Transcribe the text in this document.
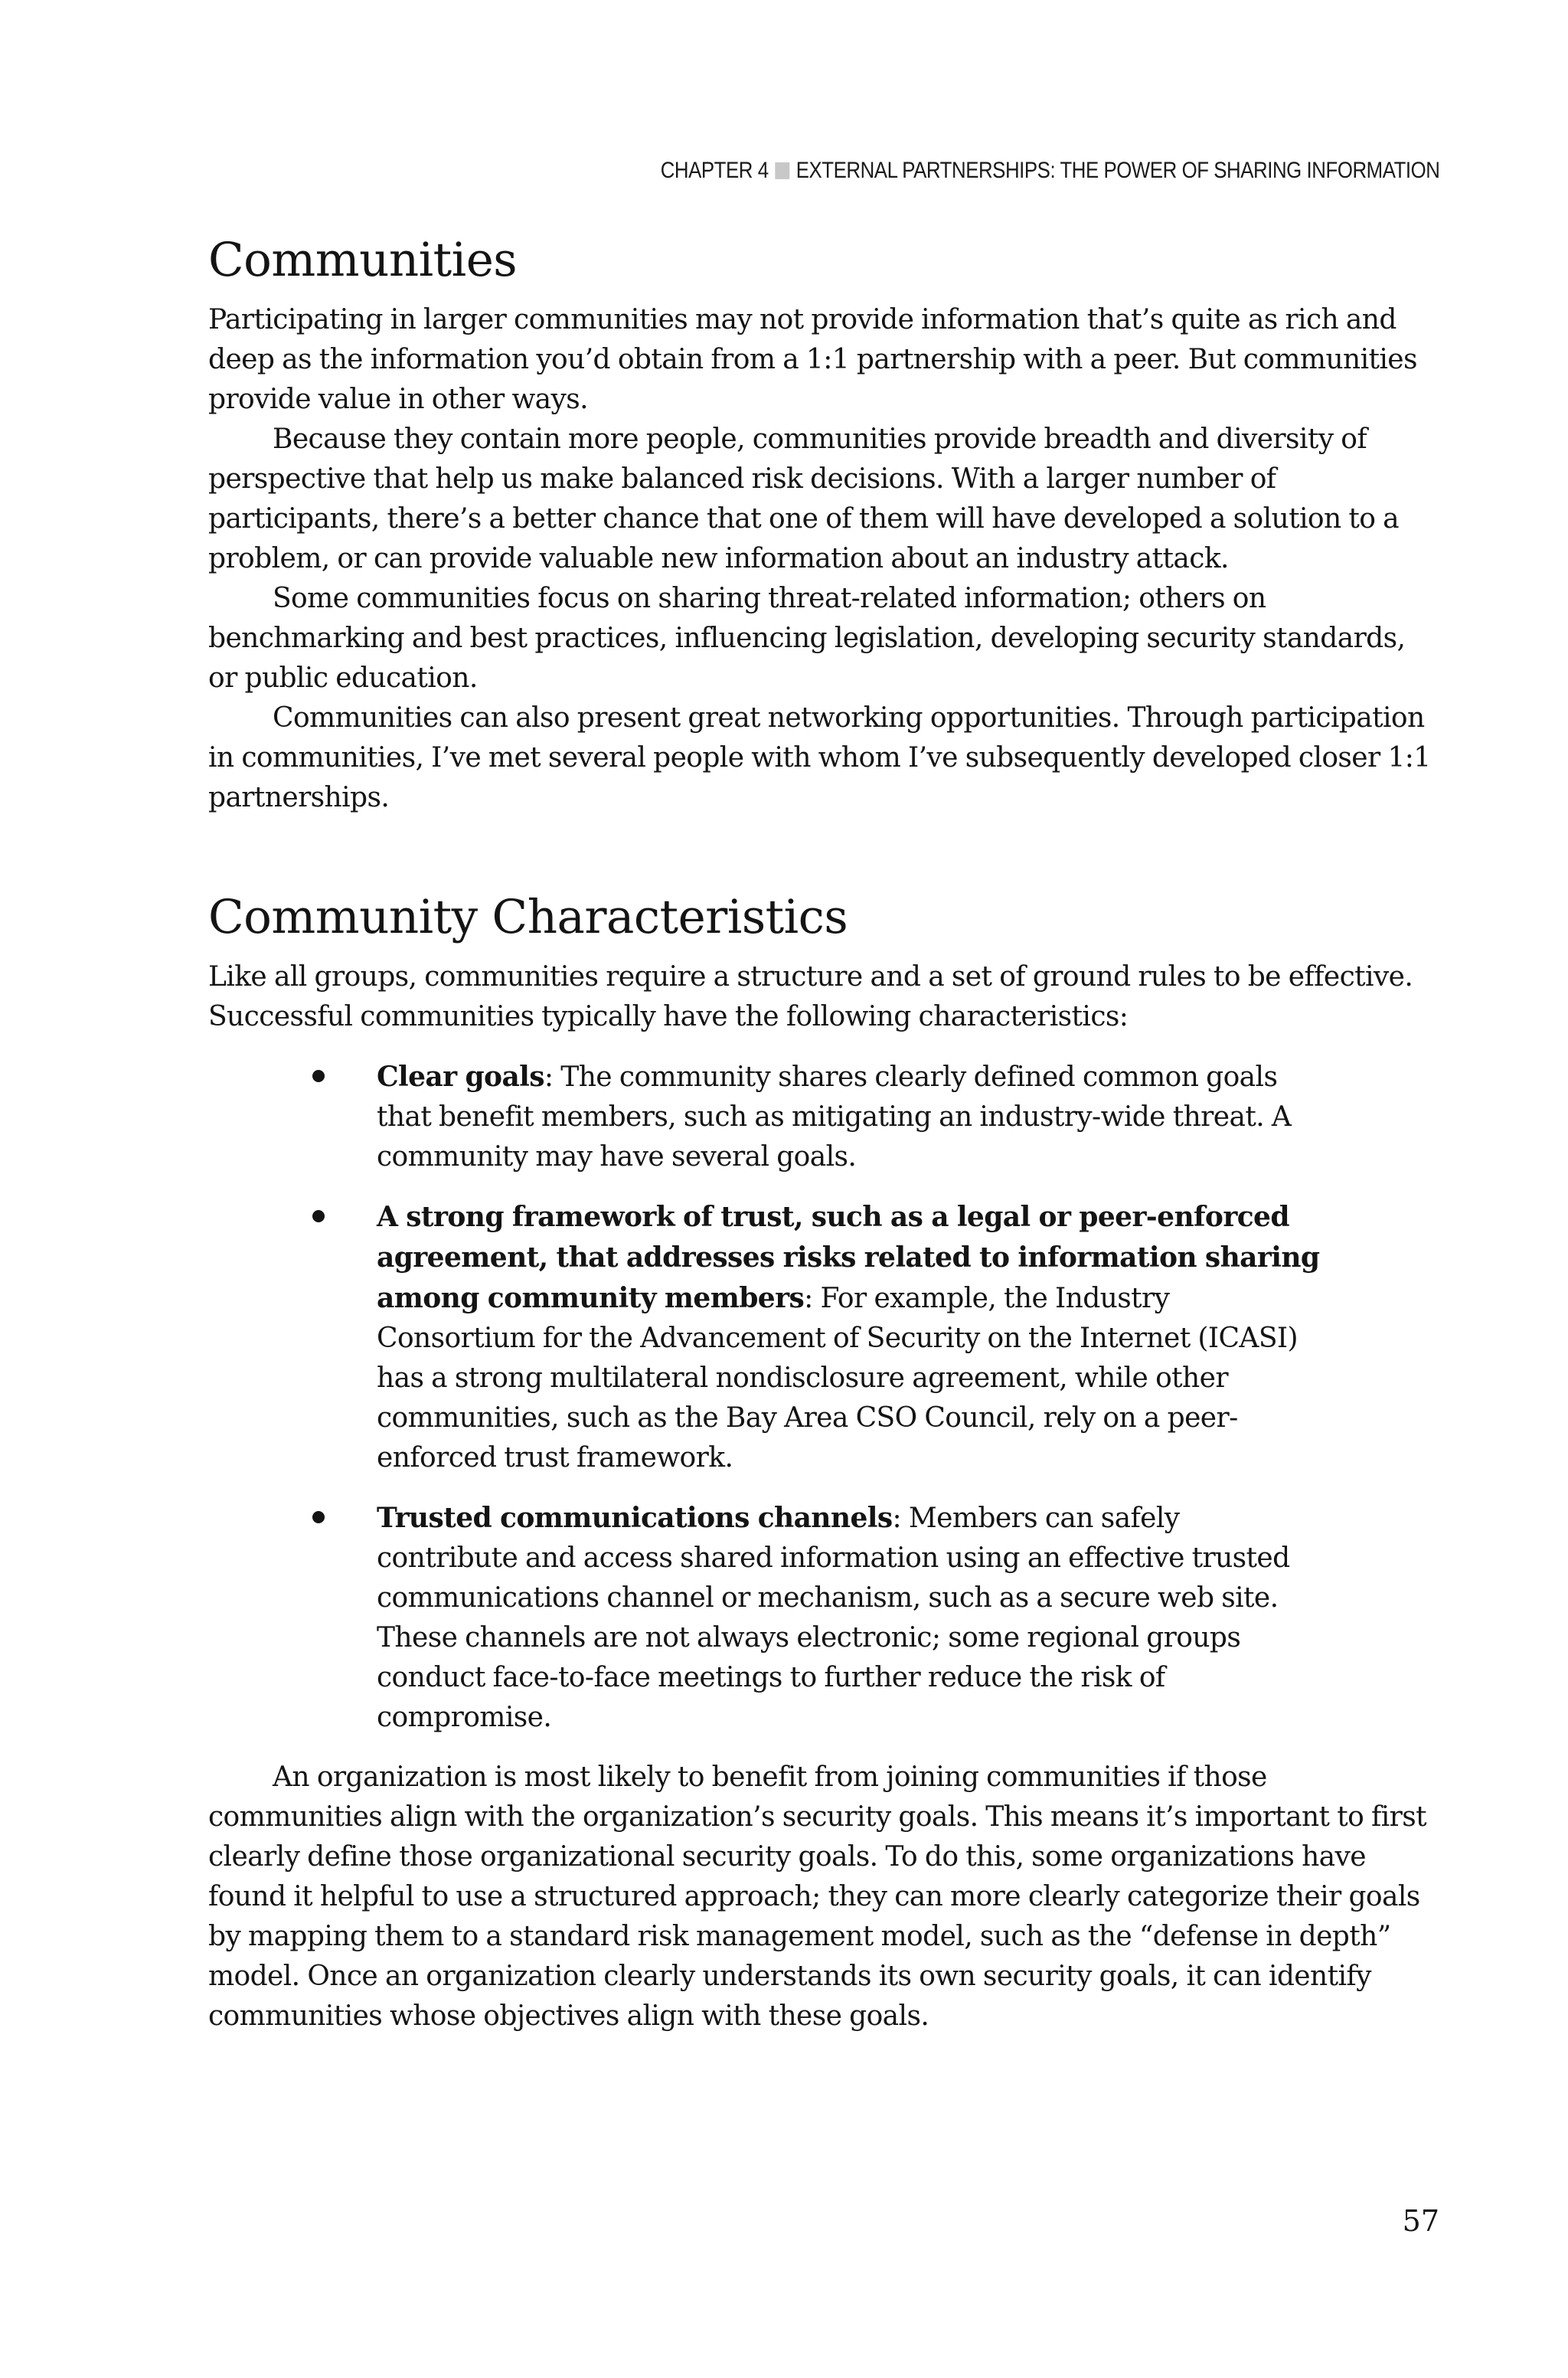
CHAPTER 4 EXTERNAL PARTNERSHIPS: THE POWER OF SHARING INFORMATION
Communities

Participating in larger communities may not provide information that’s quite as rich and deep as the information you’d obtain from a 1:1 partnership with a peer. But communities provide value in other ways.

Because they contain more people, communities provide breadth and diversity of perspective that help us make balanced risk decisions. With a larger number of participants, there’s a better chance that one of them will have developed a solution to a problem, or can provide valuable new information about an industry attack.

Some communities focus on sharing threat-related information; others on benchmarking and best practices, influencing legislation, developing security standards, or public education.

Communities can also present great networking opportunities. Through participation in communities, I’ve met several people with whom I’ve subsequently developed closer 1:1 partnerships.

Community Characteristics

Like all groups, communities require a structure and a set of ground rules to be effective. Successful communities typically have the following characteristics:

Clear goals: The community shares clearly defined common goals that benefit members, such as mitigating an industry-wide threat. A community may have several goals.
A strong framework of trust, such as a legal or peer-enforced agreement, that addresses risks related to information sharing among community members: For example, the Industry Consortium for the Advancement of Security on the Internet (ICASI) has a strong multilateral nondisclosure agreement, while other communities, such as the Bay Area CSO Council, rely on a peer-enforced trust framework.
Trusted communications channels: Members can safely contribute and access shared information using an effective trusted communications channel or mechanism, such as a secure web site. These channels are not always electronic; some regional groups conduct face-to-face meetings to further reduce the risk of compromise.

An organization is most likely to benefit from joining communities if those communities align with the organization’s security goals. This means it’s important to first clearly define those organizational security goals. To do this, some organizations have found it helpful to use a structured approach; they can more clearly categorize their goals by mapping them to a standard risk management model, such as the “defense in depth” model. Once an organization clearly understands its own security goals, it can identify communities whose objectives align with these goals.

57
